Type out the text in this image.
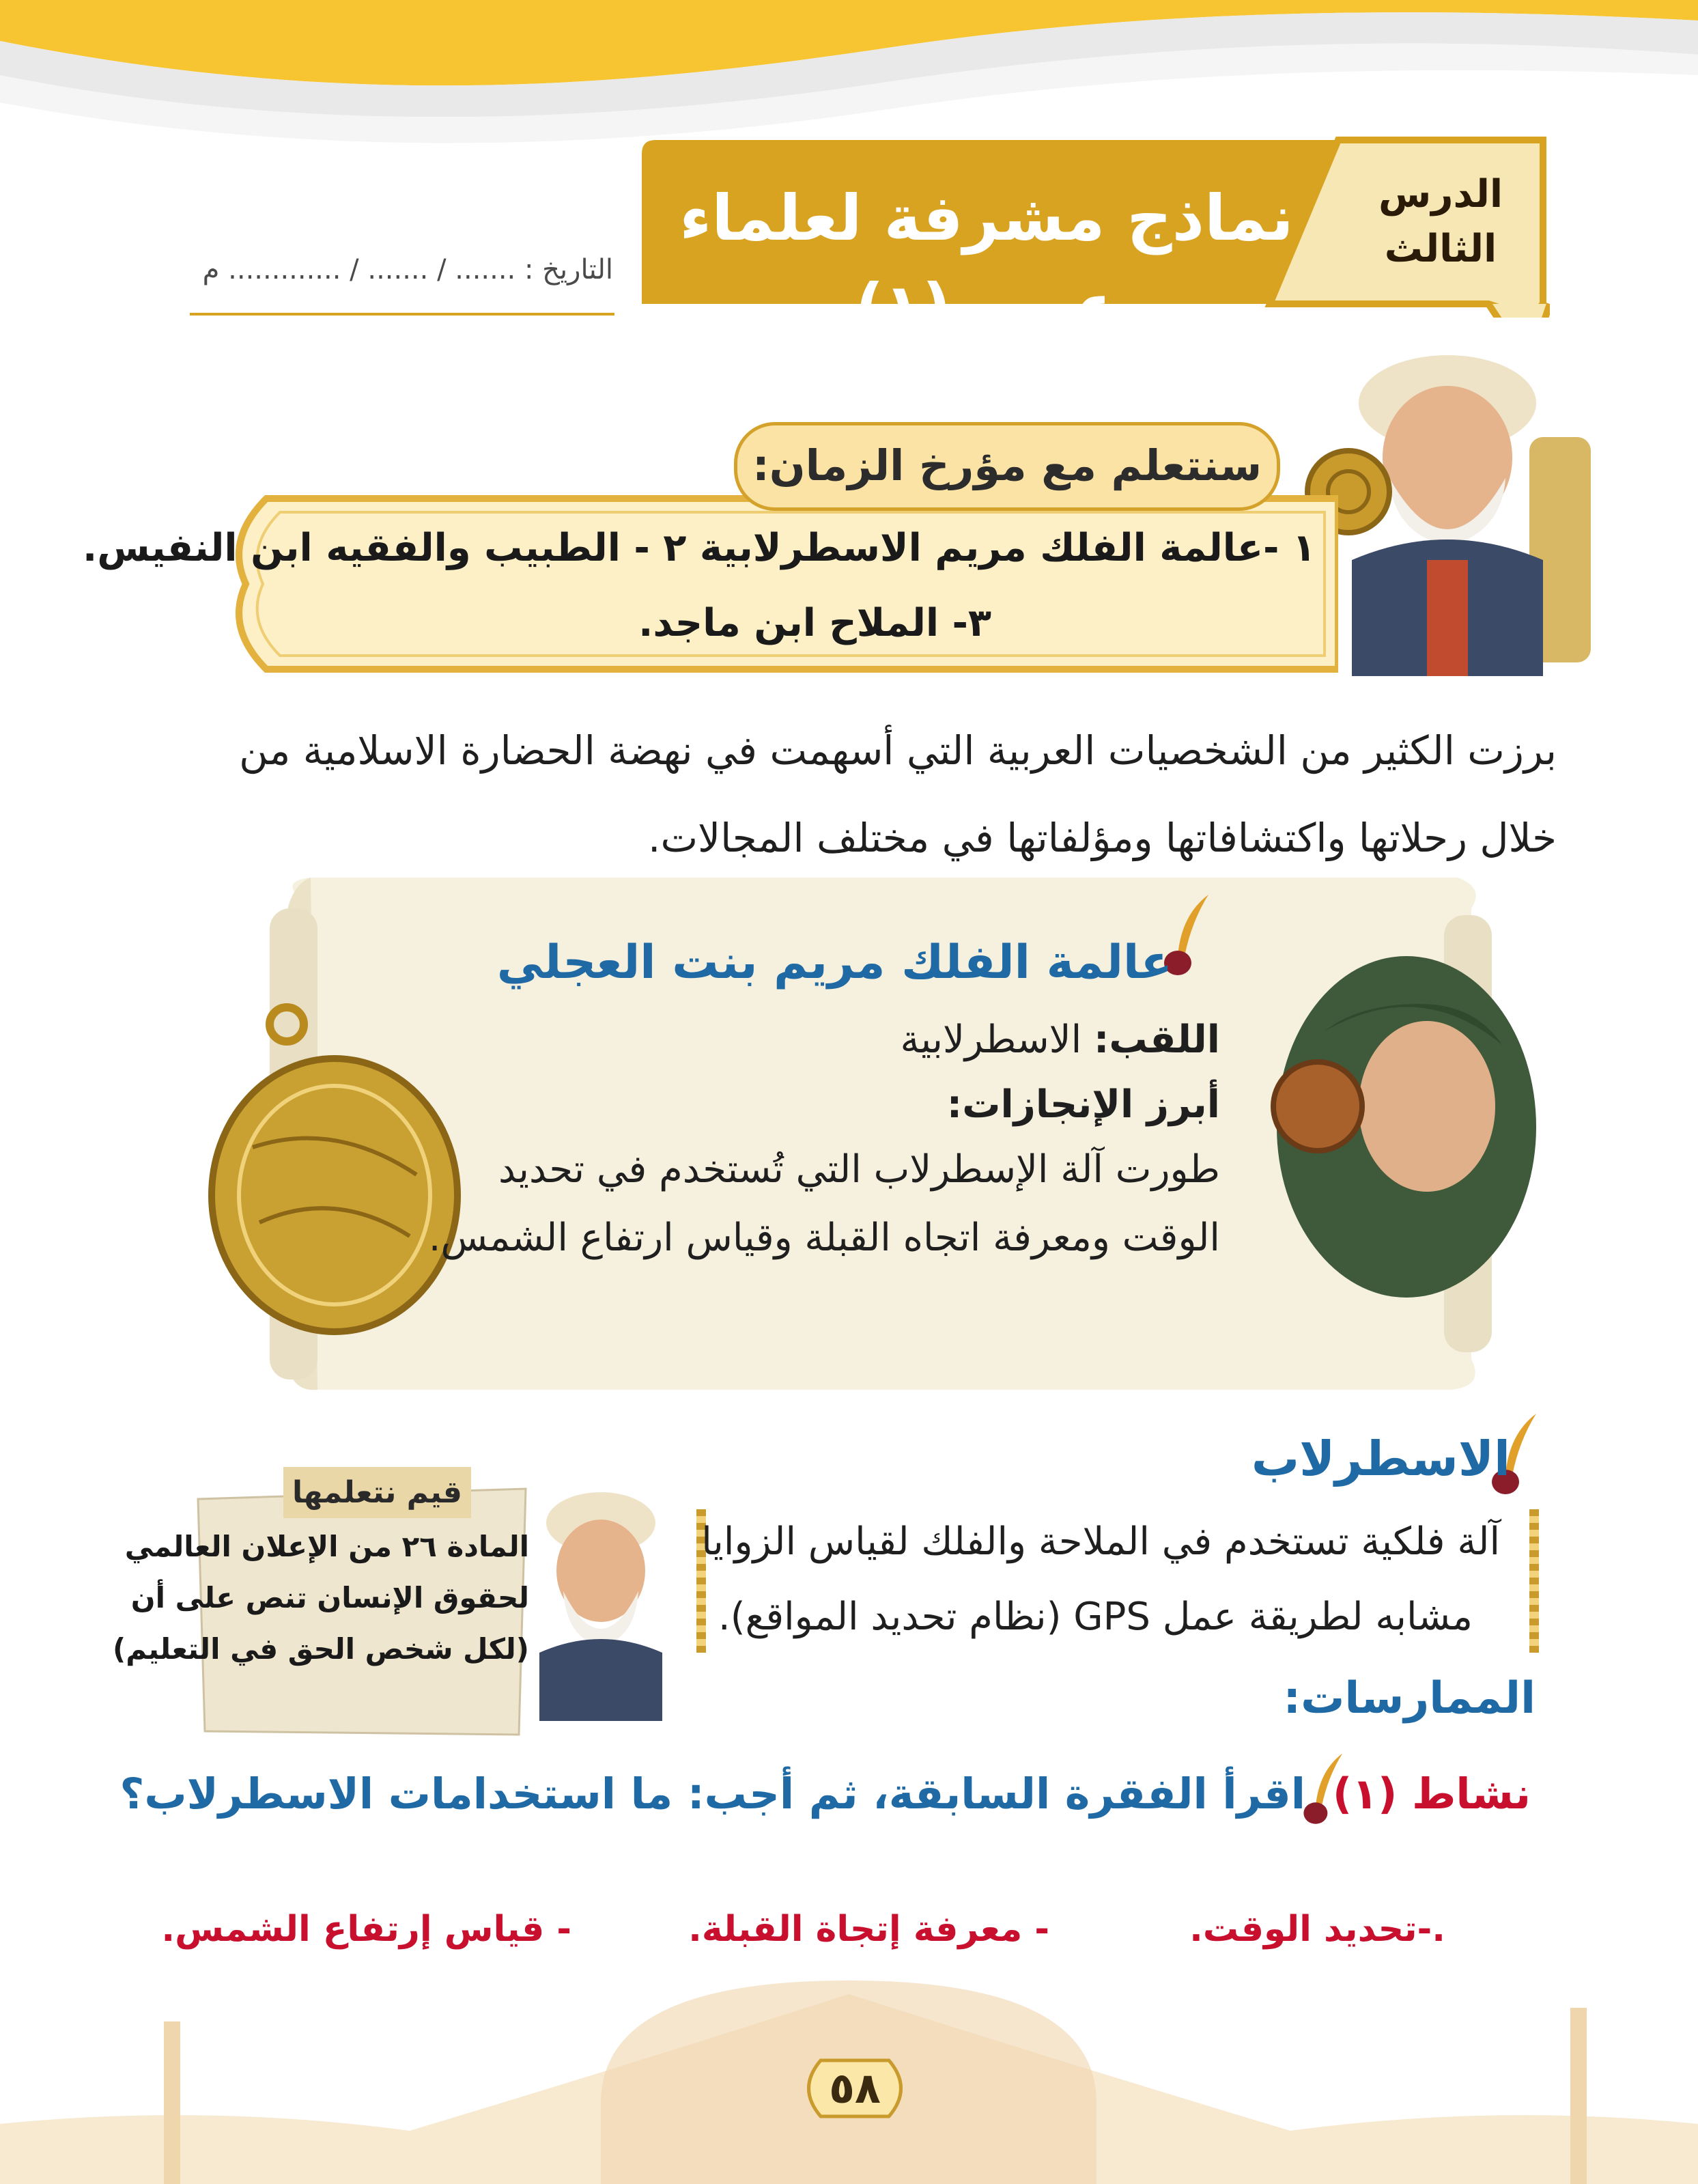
نماذج مشرفة لعلماء عرب (١)
الدرس
الثالث
التاريخ : ....... / ....... / ............. م
سنتعلم مع مؤرخ الزمان:
١ -عالمة الفلك مريم الاسطرلابية ٢ - الطبيب والفقيه ابن النفيس.
٣- الملاح ابن ماجد.
برزت الكثير من الشخصيات العربية التي أسهمت في نهضة الحضارة الاسلامية من خلال رحلاتها واكتشافاتها ومؤلفاتها في مختلف المجالات.
عالمة الفلك مريم بنت العجلي
اللقب: الاسطرلابية
أبرز الإنجازات:
طورت آلة الإسطرلاب التي تُستخدم في تحديد
الوقت ومعرفة اتجاه القبلة وقياس ارتفاع الشمس.
الاسطرلاب
آلة فلكية تستخدم في الملاحة والفلك لقياس الزوايا
مشابه لطريقة عمل GPS (نظام تحديد المواقع).
قيم نتعلمها
المادة ٢٦ من الإعلان العالمي
لحقوق الإنسان تنص على أن
(لكل شخص الحق في التعليم)
الممارسات:
نشاط (١)
اقرأ الفقرة السابقة، ثم أجب: ما استخدامات الاسطرلاب؟
.-تحديد الوقت.
- معرفة إتجاة القبلة.
- قياس إرتفاع الشمس.
٥٨
